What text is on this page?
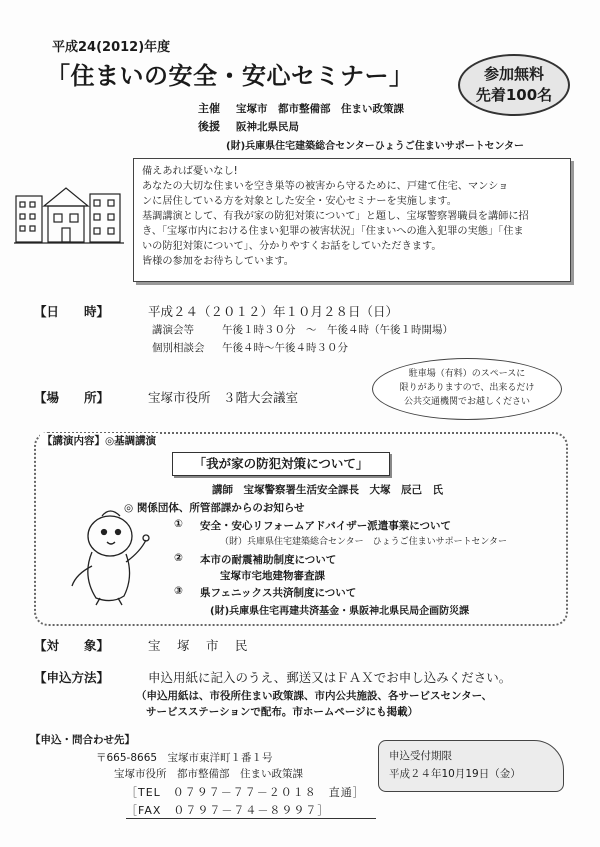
平成24(2012)年度
「住まいの安全・安心セミナー」	参加無料
先着100名
主催 宝塚市　都市整備部　住まい政策課
後援 阪神北県民局
(財)兵庫県住宅建築総合センターひょうご住まいサポートセンター

備えあれば憂いなし!

あなたの大切な住まいを空き巣等の被害から守るために、戸建て住宅、マンショ

ンに居住している方を対象とした安全・安心セミナーを実施します。

基調講演として、有我が家の防犯対策について」と題し、宝塚警察署職員を講師に招

き、「宝塚市内における住まい犯罪の被害状況」「住まいへの進入犯罪の実態」「住ま

いの防犯対策について」、分かりやすくお話をしていただきます。

皆様の参加をお待ちしています。

【日　　時】	平成２４（２０１２）年１０月２８日（日）
講演会等	午後１時３０分　～　午後４時（午後１時開場）
個別相談会 午後４時～午後４時３０分
駐車場（有料）のスペースに
限りがありますので、出来るだけ
公共交通機関でお越しください
【場　　所】	宝塚市役所　３階大会議室
【講演内容】◎基調講演
「我が家の防犯対策について」
講師　宝塚警察署生活安全課長　大塚　辰己　氏
◎ 関係団体、所管部課からのお知らせ
① 安全・安心リフォームアドバイザー派遣事業について
（財）兵庫県住宅建築総合センター　ひょうご住まいサポートセンター
② 本市の耐震補助制度について
宝塚市宅地建物審査課
③ 県フェニックス共済制度について
(財)兵庫県住宅再建共済基金・県阪神北県民局企画防災課
【対　　象】	宝　塚　市　民
【申込方法】	申込用紙に記入のうえ、郵送又はＦＡＸでお申し込みください。
（申込用紙は、市役所住まい政策課、市内公共施設、各サービスセンター、
サービスステーションで配布。市ホームページにも掲載）
【申込・問合わせ先】
〒665-8665　宝塚市東洋町１番１号
宝塚市役所　都市整備部　住まい政策課
［TEL　０７９７－７７－２０１８　直通］
［FAX　０７９７－７４－８９９７］
申込受付期限
平成２４年10月19日（金）
